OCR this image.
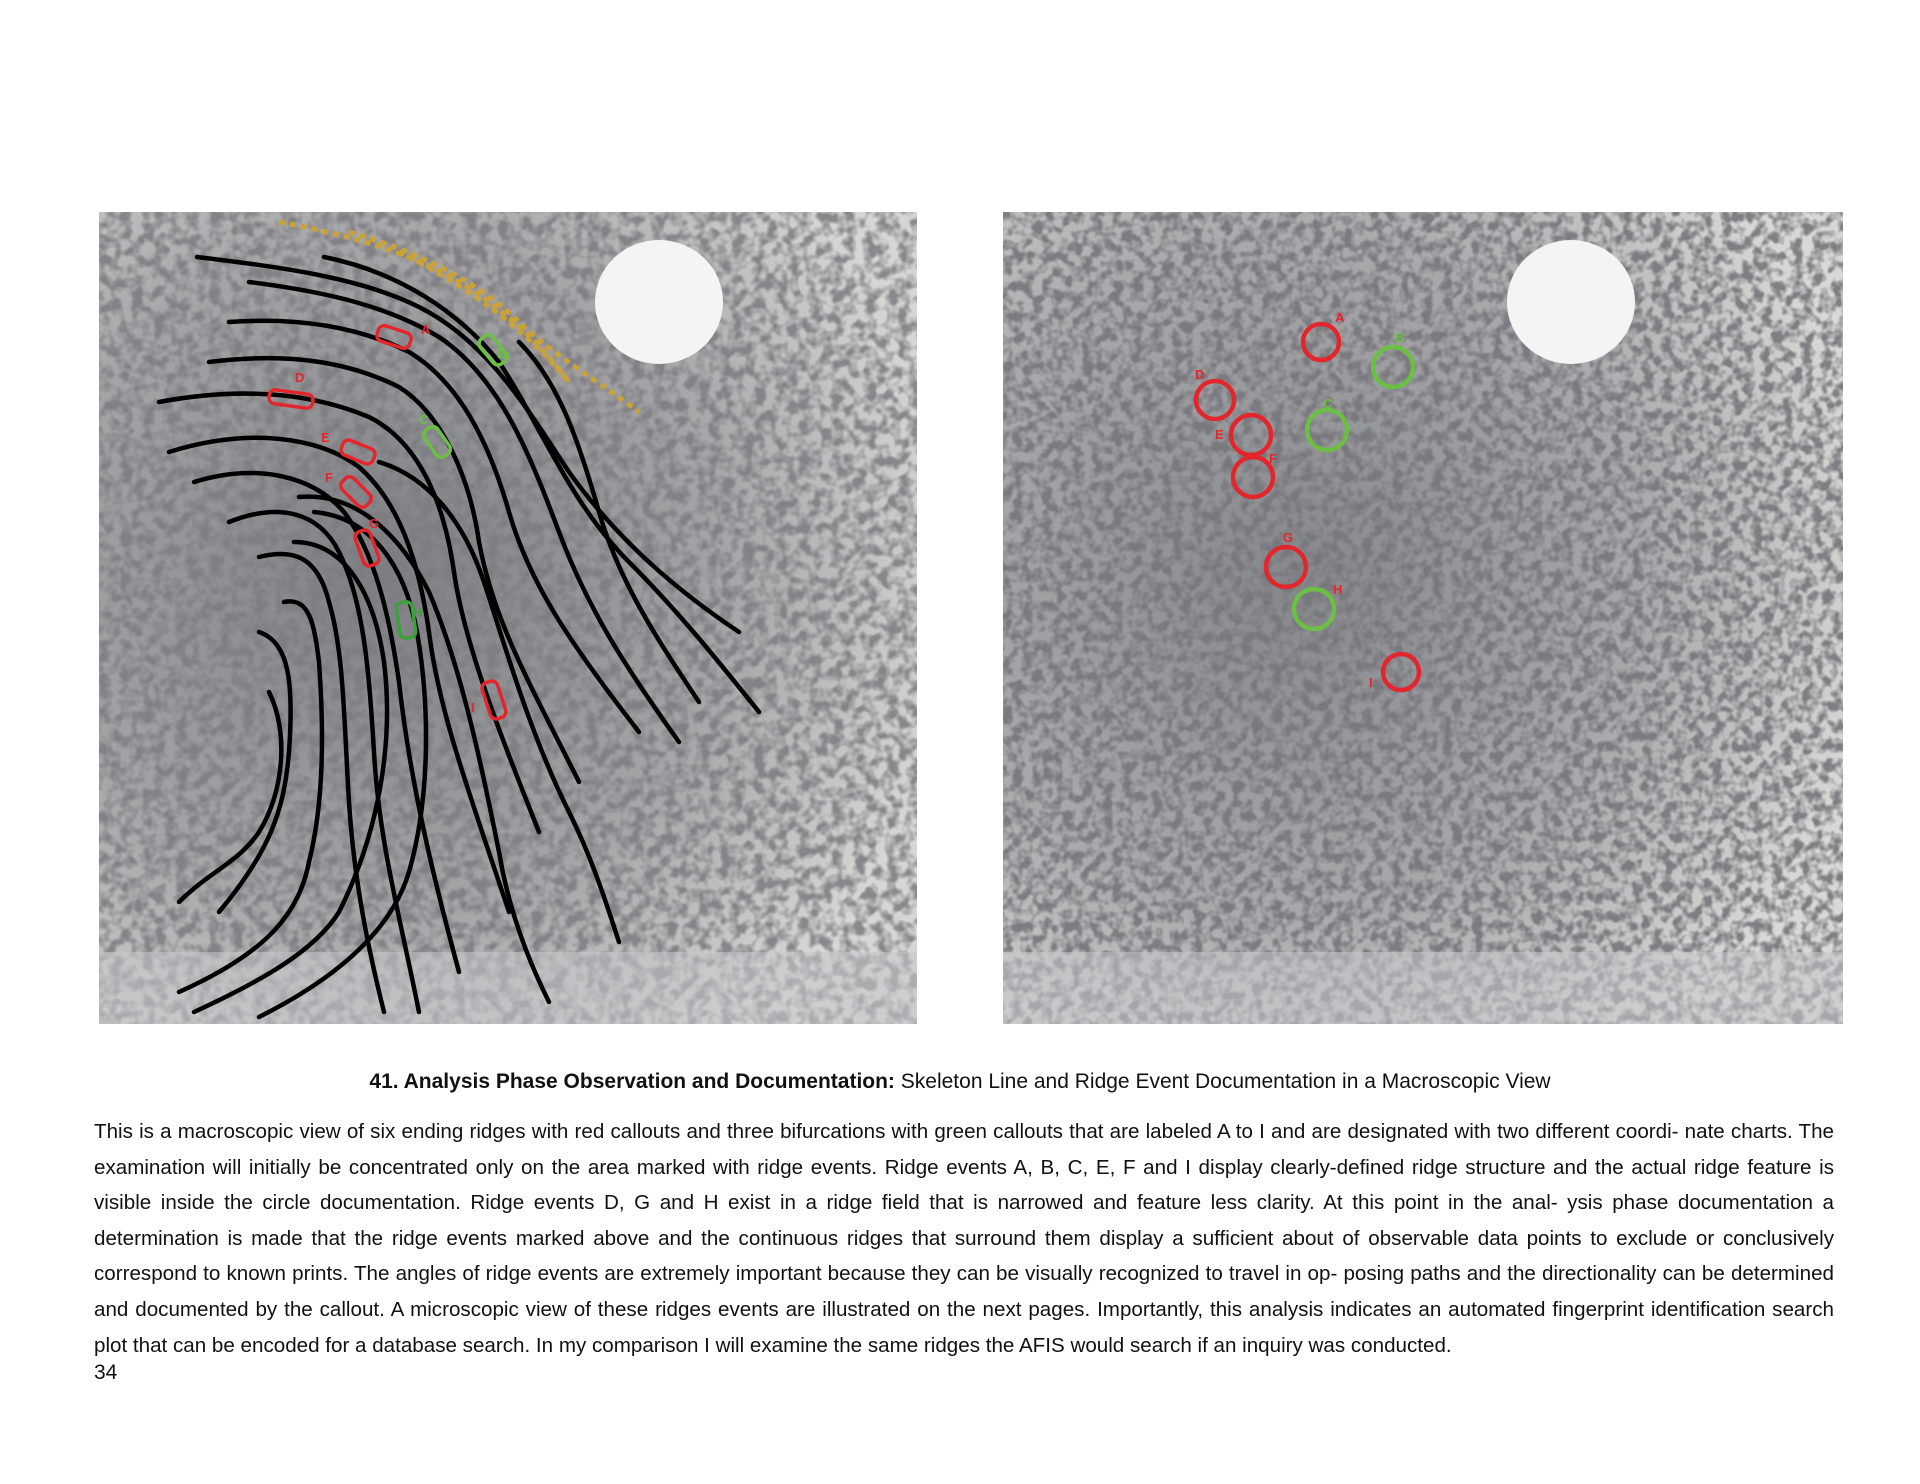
A
B
C
D
E
F
G
H
I
A
B
C
D
E
F
G
H
I
41. Analysis Phase Observation and Documentation: Skeleton Line and Ridge Event Documentation in a Macroscopic View
This is a macroscopic view of six ending ridges with red callouts and three bifurcations with green callouts that are labeled A to I and are designated with two different coordi- nate charts. The examination will initially be concentrated only on the area marked with ridge events. Ridge events A, B, C, E, F and I display clearly-defined ridge structure and the actual ridge feature is visible inside the circle documentation. Ridge events D, G and H exist in a ridge field that is narrowed and feature less clarity. At this point in the anal- ysis phase documentation a determination is made that the ridge events marked above and the continuous ridges that surround them display a sufficient about of observable data points to exclude or conclusively correspond to known prints. The angles of ridge events are extremely important because they can be visually recognized to travel in op- posing paths and the directionality can be determined and documented by the callout. A microscopic view of these ridges events are illustrated on the next pages. Importantly, this analysis indicates an automated fingerprint identification search plot that can be encoded for a database search. In my comparison I will examine the same ridges the AFIS would search if an inquiry was conducted.
34
